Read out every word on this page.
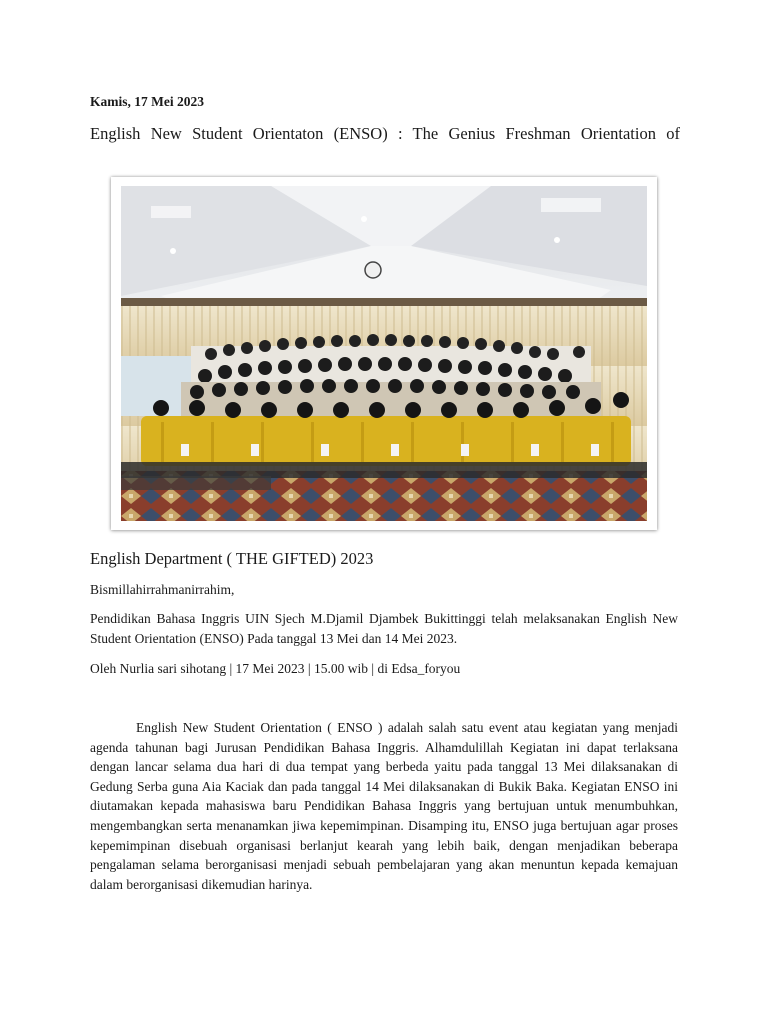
Kamis, 17 Mei 2023
English New Student Orientaton (ENSO) : The Genius Freshman Orientation of
English Department ( THE GIFTED) 2023
Bismillahirrahmanirrahim,
Pendidikan Bahasa Inggris UIN Sjech M.Djamil Djambek Bukittinggi telah melaksanakan English New Student Orientation (ENSO) Pada tanggal 13 Mei dan 14 Mei 2023.
Oleh Nurlia sari sihotang | 17 Mei 2023 | 15.00 wib | di Edsa_foryou

English New Student Orientation ( ENSO ) adalah salah satu event atau kegiatan yang menjadi agenda tahunan bagi Jurusan Pendidikan Bahasa Inggris. Alhamdulillah Kegiatan ini dapat terlaksana dengan lancar selama dua hari di dua tempat yang berbeda yaitu pada tanggal 13 Mei dilaksanakan di Gedung Serba guna Aia Kaciak dan pada tanggal 14 Mei dilaksanakan di Bukik Baka. Kegiatan ENSO ini diutamakan kepada mahasiswa baru Pendidikan Bahasa Inggris yang bertujuan untuk menumbuhkan, mengembangkan serta menanamkan jiwa kepemimpinan. Disamping itu, ENSO juga bertujuan agar proses kepemimpinan disebuah organisasi berlanjut kearah yang lebih baik, dengan menjadikan beberapa pengalaman selama berorganisasi menjadi sebuah pembelajaran yang akan menuntun kepada kemajuan dalam berorganisasi dikemudian harinya.
